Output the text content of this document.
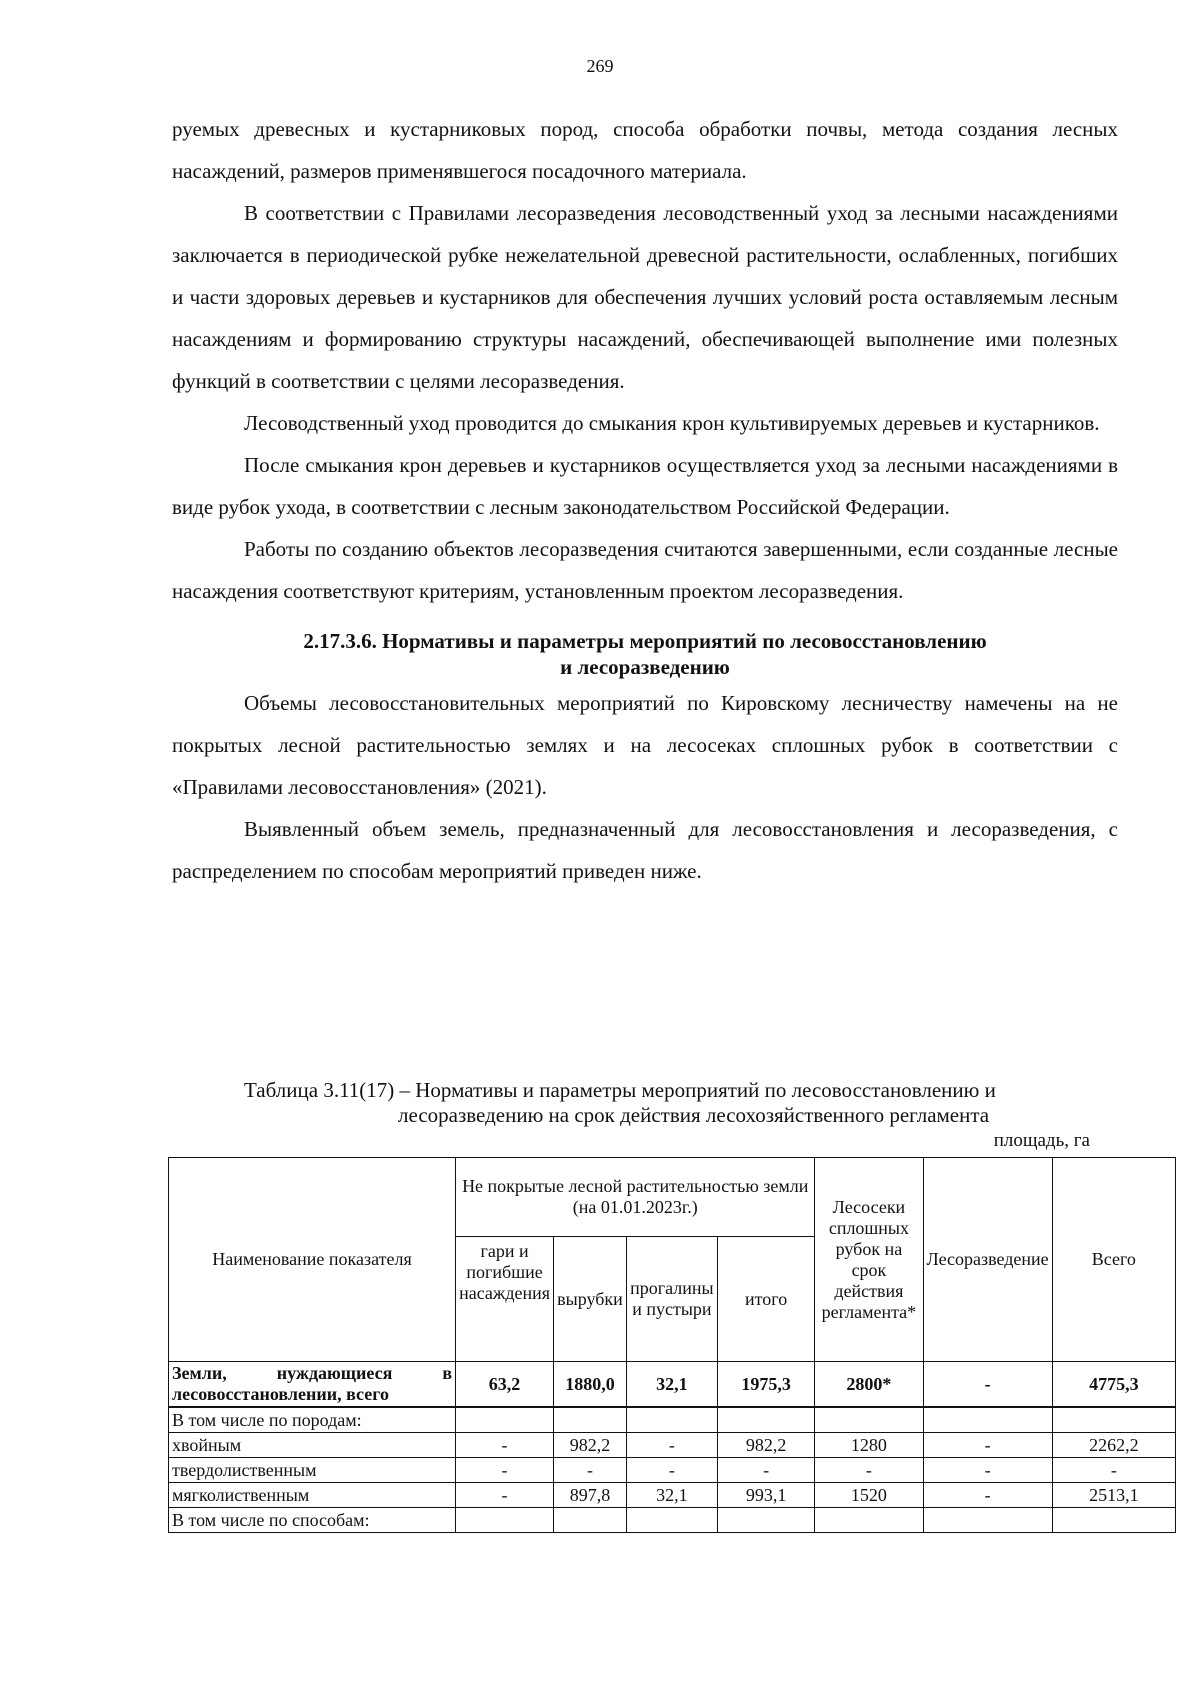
269

руемых древесных и кустарниковых пород, способа обработки почвы, метода создания лесных насаждений, размеров применявшегося посадочного материала.

В соответствии с Правилами лесоразведения лесоводственный уход за лесными насаждениями заключается в периодической рубке нежелательной древесной растительности, ослабленных, погибших и части здоровых деревьев и кустарников для обеспечения лучших условий роста оставляемым лесным насаждениям и формированию структуры насаждений, обеспечивающей выполнение ими полезных функций в соответствии с целями лесоразведения.

Лесоводственный уход проводится до смыкания крон культивируемых деревьев и кустарников.

После смыкания крон деревьев и кустарников осуществляется уход за лесными насаждениями в виде рубок ухода, в соответствии с лесным законодательством Российской Федерации.

Работы по созданию объектов лесоразведения считаются завершенными, если созданные лесные насаждения соответствуют критериям, установленным проектом лесоразведения.

2.17.3.6. Нормативы и параметры мероприятий по лесовосстановлению
и лесоразведению

Объемы лесовосстановительных мероприятий по Кировскому лесничеству намечены на не покрытых лесной растительностью землях и на лесосеках сплошных рубок в соответствии с «Правилами лесовосстановления» (2021).

Выявленный объем земель, предназначенный для лесовосстановления и лесоразведения, с распределением по способам мероприятий приведен ниже.

Таблица 3.11(17) – Нормативы и параметры мероприятий по лесовосстановлению и
лесоразведению на срок действия лесохозяйственного регламента
площадь, га
Наименование показателя	Не покрытые лесной растительностью земли (на 01.01.2023г.)				Лесосеки сплошных рубок на срок действия регламента*	Лесоразведение	Всего
	гари и погибшие насаждения	вырубки	прогалины и пустыри	итого			
Земли, нуждающиеся в лесовосстановлении, всего	63,2	1880,0	32,1	1975,3	2800*	-	4775,3
В том числе по породам:							
хвойным	-	982,2	-	982,2	1280	-	2262,2
твердолиственным	-	-	-	-	-	-	-
мягколиственным	-	897,8	32,1	993,1	1520	-	2513,1
В том числе по способам:							
